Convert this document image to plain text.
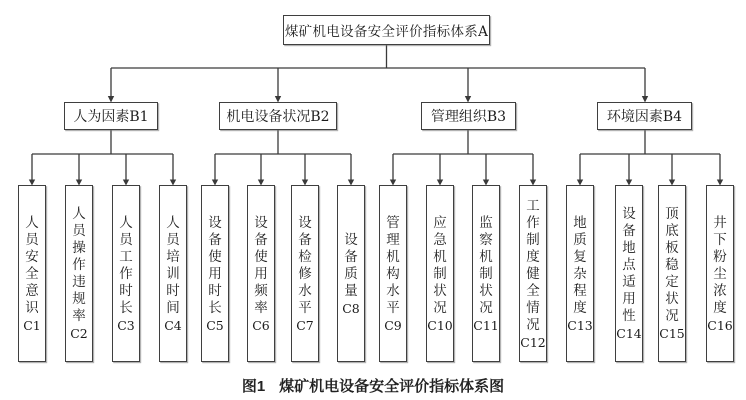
煤矿机电设备安全评价指标体系A
人为因素B1	机电设备状况B2	管理组织B3	环境因素B4
人员安全意识
C1
人员操作违规率
C2
人员工作时长
C3
人员培训时间
C4
设备使用时长
C5
设备使用频率
C6
设备检修水平
C7
设备质量
C8
管理机构水平
C9
应急机制状况
C10
监察机制状况
C11
工作制度健全情况
C12
地质复杂程度
C13
设备地点适用性
C14
顶底板稳定状况
C15
井下粉尘浓度
C16
图1 煤矿机电设备安全评价指标体系图
